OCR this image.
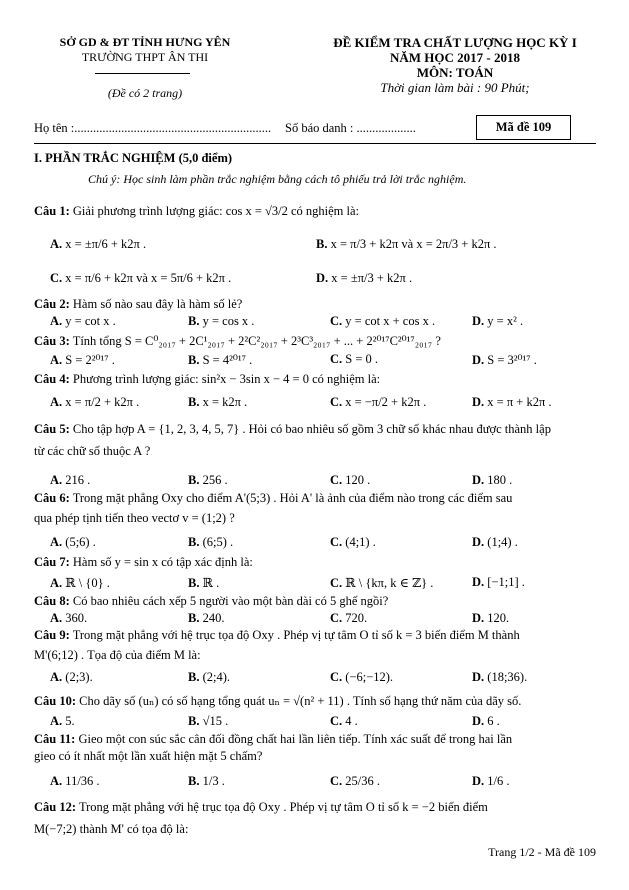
SỞ GD & ĐT TỈNH HƯNG YÊN
TRƯỜNG THPT ÂN THI
(Đề có 2 trang)
ĐỀ KIỂM TRA CHẤT LƯỢNG HỌC KỲ I
NĂM HỌC 2017 - 2018
MÔN: TOÁN
Thời gian làm bài : 90 Phút;
Họ tên :............................................................... Số báo danh : ...................	Mã đề 109
I. PHẦN TRẮC NGHIỆM (5,0 điểm)
Chú ý: Học sinh làm phần trắc nghiệm bằng cách tô phiếu trả lời trắc nghiệm.
Câu 1: Giải phương trình lượng giác: cos x = √3/2 có nghiệm là:
A. x = ±π/6 + k2π .	B. x = π/3 + k2π và x = 2π/3 + k2π .
C. x = π/6 + k2π và x = 5π/6 + k2π .	D. x = ±π/3 + k2π .
Câu 2: Hàm số nào sau đây là hàm số lẻ?
A. y = cot x .	B. y = cos x .	C. y = cot x + cos x .	D. y = x² .
Câu 3: Tính tổng S = C⁰₂₀₁₇ + 2C¹₂₀₁₇ + 2²C²₂₀₁₇ + 2³C³₂₀₁₇ + ... + 2²⁰¹⁷C²⁰¹⁷₂₀₁₇ ?
A. S = 2²⁰¹⁷ .	B. S = 4²⁰¹⁷ .	C. S = 0 .	D. S = 3²⁰¹⁷ .
Câu 4: Phương trình lượng giác: sin²x − 3sin x − 4 = 0 có nghiệm là:
A. x = π/2 + k2π .	B. x = k2π .	C. x = −π/2 + k2π .	D. x = π + k2π .
Câu 5: Cho tập hợp A = {1, 2, 3, 4, 5, 7} . Hỏi có bao nhiêu số gồm 3 chữ số khác nhau được thành lập
từ các chữ số thuộc A ?
A. 216 .	B. 256 .	C. 120 .	D. 180 .
Câu 6: Trong mặt phẳng Oxy cho điểm A'(5;3) . Hỏi A' là ảnh của điểm nào trong các điểm sau
qua phép tịnh tiến theo vectơ v = (1;2) ?
A. (5;6) .	B. (6;5) .	C. (4;1) .	D. (1;4) .
Câu 7: Hàm số y = sin x có tập xác định là:
A. ℝ \ {0} .	B. ℝ .	C. ℝ \ {kπ, k ∈ ℤ} .	D. [−1;1] .
Câu 8: Có bao nhiêu cách xếp 5 người vào một bàn dài có 5 ghế ngồi?
A. 360.	B. 240.	C. 720.	D. 120.
Câu 9: Trong mặt phẳng với hệ trục tọa độ Oxy . Phép vị tự tâm O tỉ số k = 3 biến điểm M thành
M'(6;12) . Tọa độ của điểm M là:
A. (2;3).	B. (2;4).	C. (−6;−12).	D. (18;36).
Câu 10: Cho dãy số (uₙ) có số hạng tổng quát uₙ = √(n² + 11) . Tính số hạng thứ năm của dãy số.
A. 5.	B. √15 .	C. 4 .	D. 6 .
Câu 11: Gieo một con súc sắc cân đối đồng chất hai lần liên tiếp. Tính xác suất để trong hai lần
gieo có ít nhất một lần xuất hiện mặt 5 chấm?
A. 11/36 .	B. 1/3 .	C. 25/36 .	D. 1/6 .
Câu 12: Trong mặt phẳng với hệ trục tọa độ Oxy . Phép vị tự tâm O tỉ số k = −2 biến điểm
M(−7;2) thành M' có tọa độ là:
Trang 1/2 - Mã đề 109
